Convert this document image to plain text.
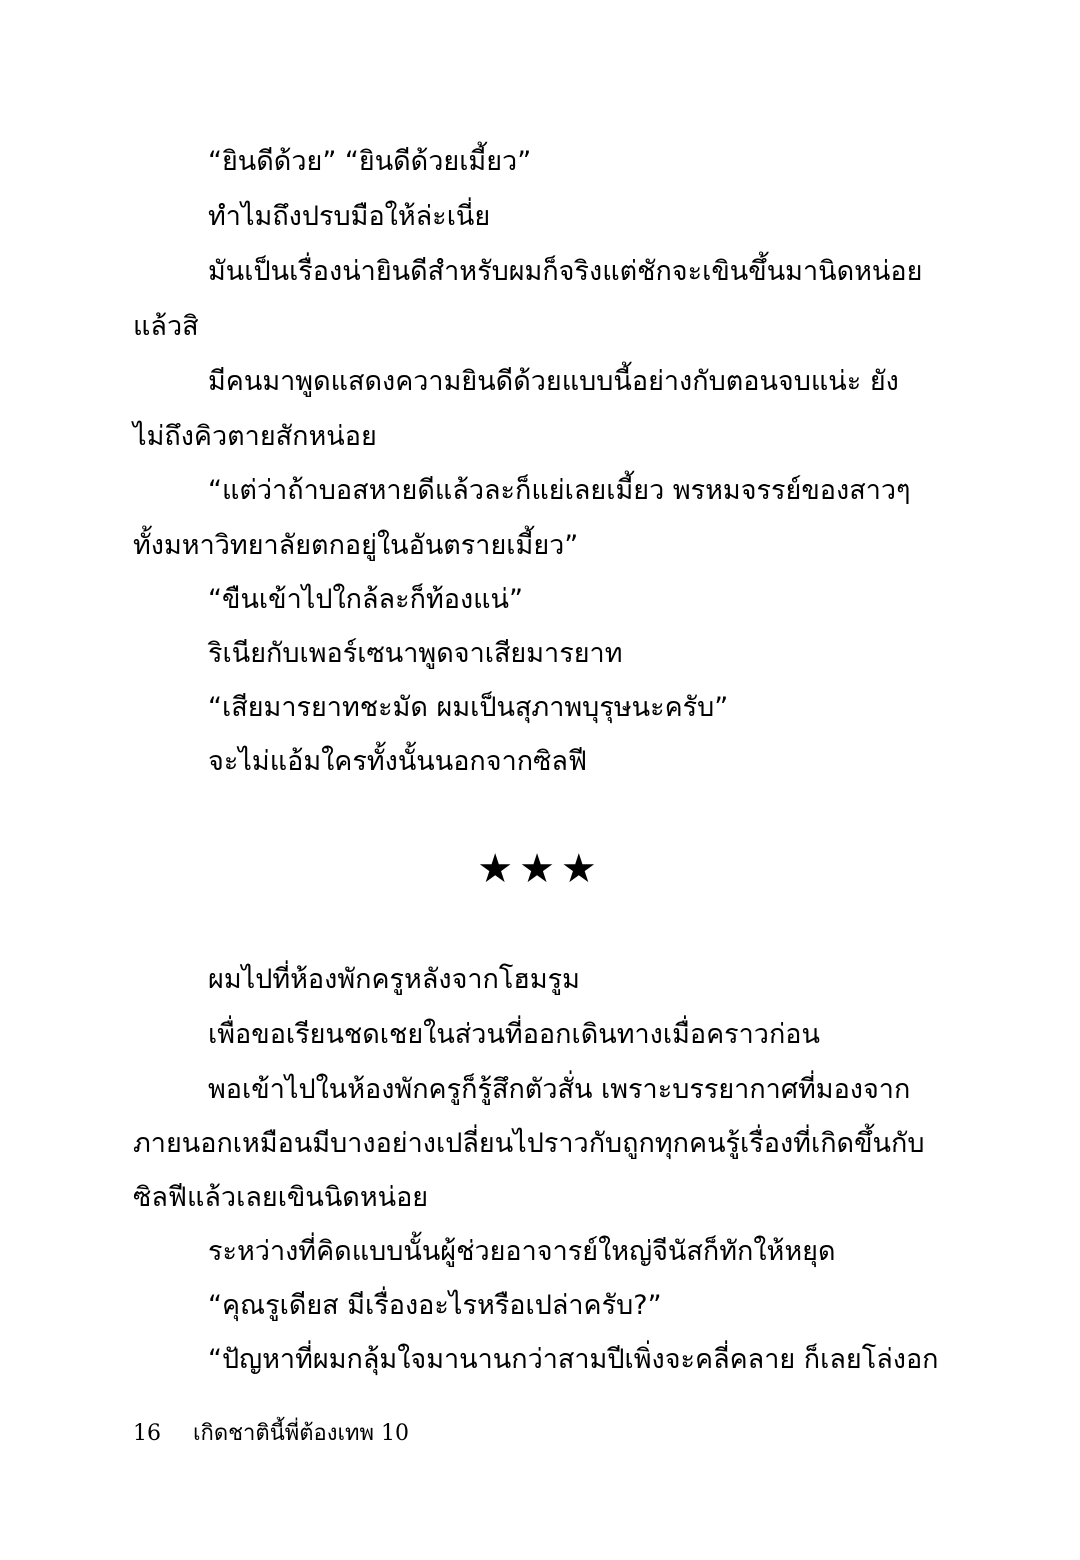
“ยินดีด้วย” “ยินดีด้วยเมี้ยว”
ทำไมถึงปรบมือให้ล่ะเนี่ย
มันเป็นเรื่องน่ายินดีสำหรับผมก็จริงแต่ชักจะเขินขึ้นมานิดหน่อย
แล้วสิ
มีคนมาพูดแสดงความยินดีด้วยแบบนี้อย่างกับตอนจบแน่ะ ยัง
ไม่ถึงคิวตายสักหน่อย
“แต่ว่าถ้าบอสหายดีแล้วละก็แย่เลยเมี้ยว พรหมจรรย์ของสาวๆ
ทั้งมหาวิทยาลัยตกอยู่ในอันตรายเมี้ยว”
“ขืนเข้าไปใกล้ละก็ท้องแน่”
ริเนียกับเพอร์เซนาพูดจาเสียมารยาท
“เสียมารยาทชะมัด ผมเป็นสุภาพบุรุษนะครับ”
จะไม่แอ้มใครทั้งนั้นนอกจากซิลฟี
★★★
ผมไปที่ห้องพักครูหลังจากโฮมรูม
เพื่อขอเรียนชดเชยในส่วนที่ออกเดินทางเมื่อคราวก่อน
พอเข้าไปในห้องพักครูก็รู้สึกตัวสั่น เพราะบรรยากาศที่มองจาก
ภายนอกเหมือนมีบางอย่างเปลี่ยนไปราวกับถูกทุกคนรู้เรื่องที่เกิดขึ้นกับ
ซิลฟีแล้วเลยเขินนิดหน่อย
ระหว่างที่คิดแบบนั้นผู้ช่วยอาจารย์ใหญ่จีนัสก็ทักให้หยุด
“คุณรูเดียส มีเรื่องอะไรหรือเปล่าครับ?”
“ปัญหาที่ผมกลุ้มใจมานานกว่าสามปีเพิ่งจะคลี่คลาย ก็เลยโล่งอก
16 เกิดชาตินี้พี่ต้องเทพ 10
